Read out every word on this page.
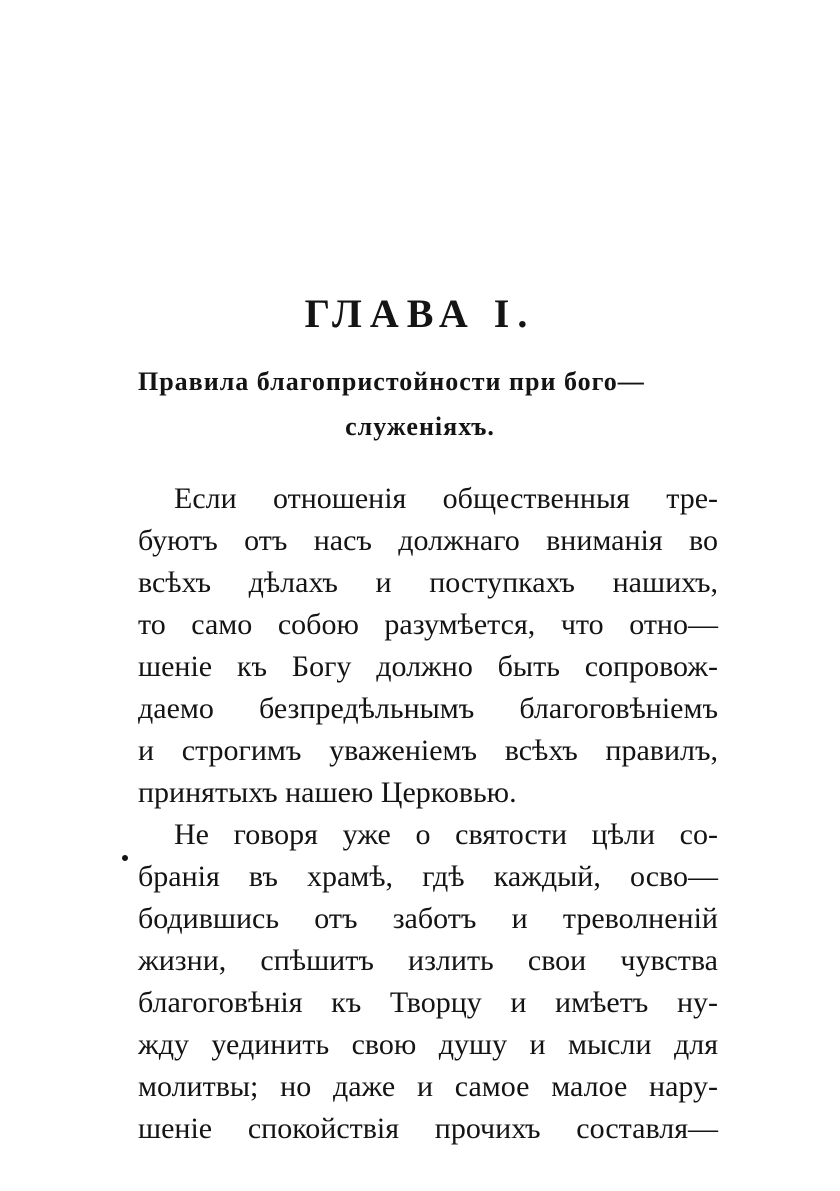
ГЛАВА I.
Правила благопристойности при бого—
служеніяхъ.
Если отношенія общественныя тре-
буютъ отъ насъ должнаго вниманія во
всѣхъ дѣлахъ и поступкахъ нашихъ,
то само собою разумѣется, что отно—
шеніе къ Богу должно быть сопровож-
даемо безпредѣльнымъ благоговѣніемъ
и строгимъ уваженіемъ всѣхъ правилъ,
принятыхъ нашею Церковью.
Не говоря уже о святости цѣли со-
бранія въ храмѣ, гдѣ каждый, осво—
бодившись отъ заботъ и треволненій
жизни, спѣшитъ излить свои чувства
благоговѣнія къ Творцу и имѣетъ ну-
жду уединить свою душу и мысли для
молитвы; но даже и самое малое нару-
шеніе спокойствія прочихъ составля—
